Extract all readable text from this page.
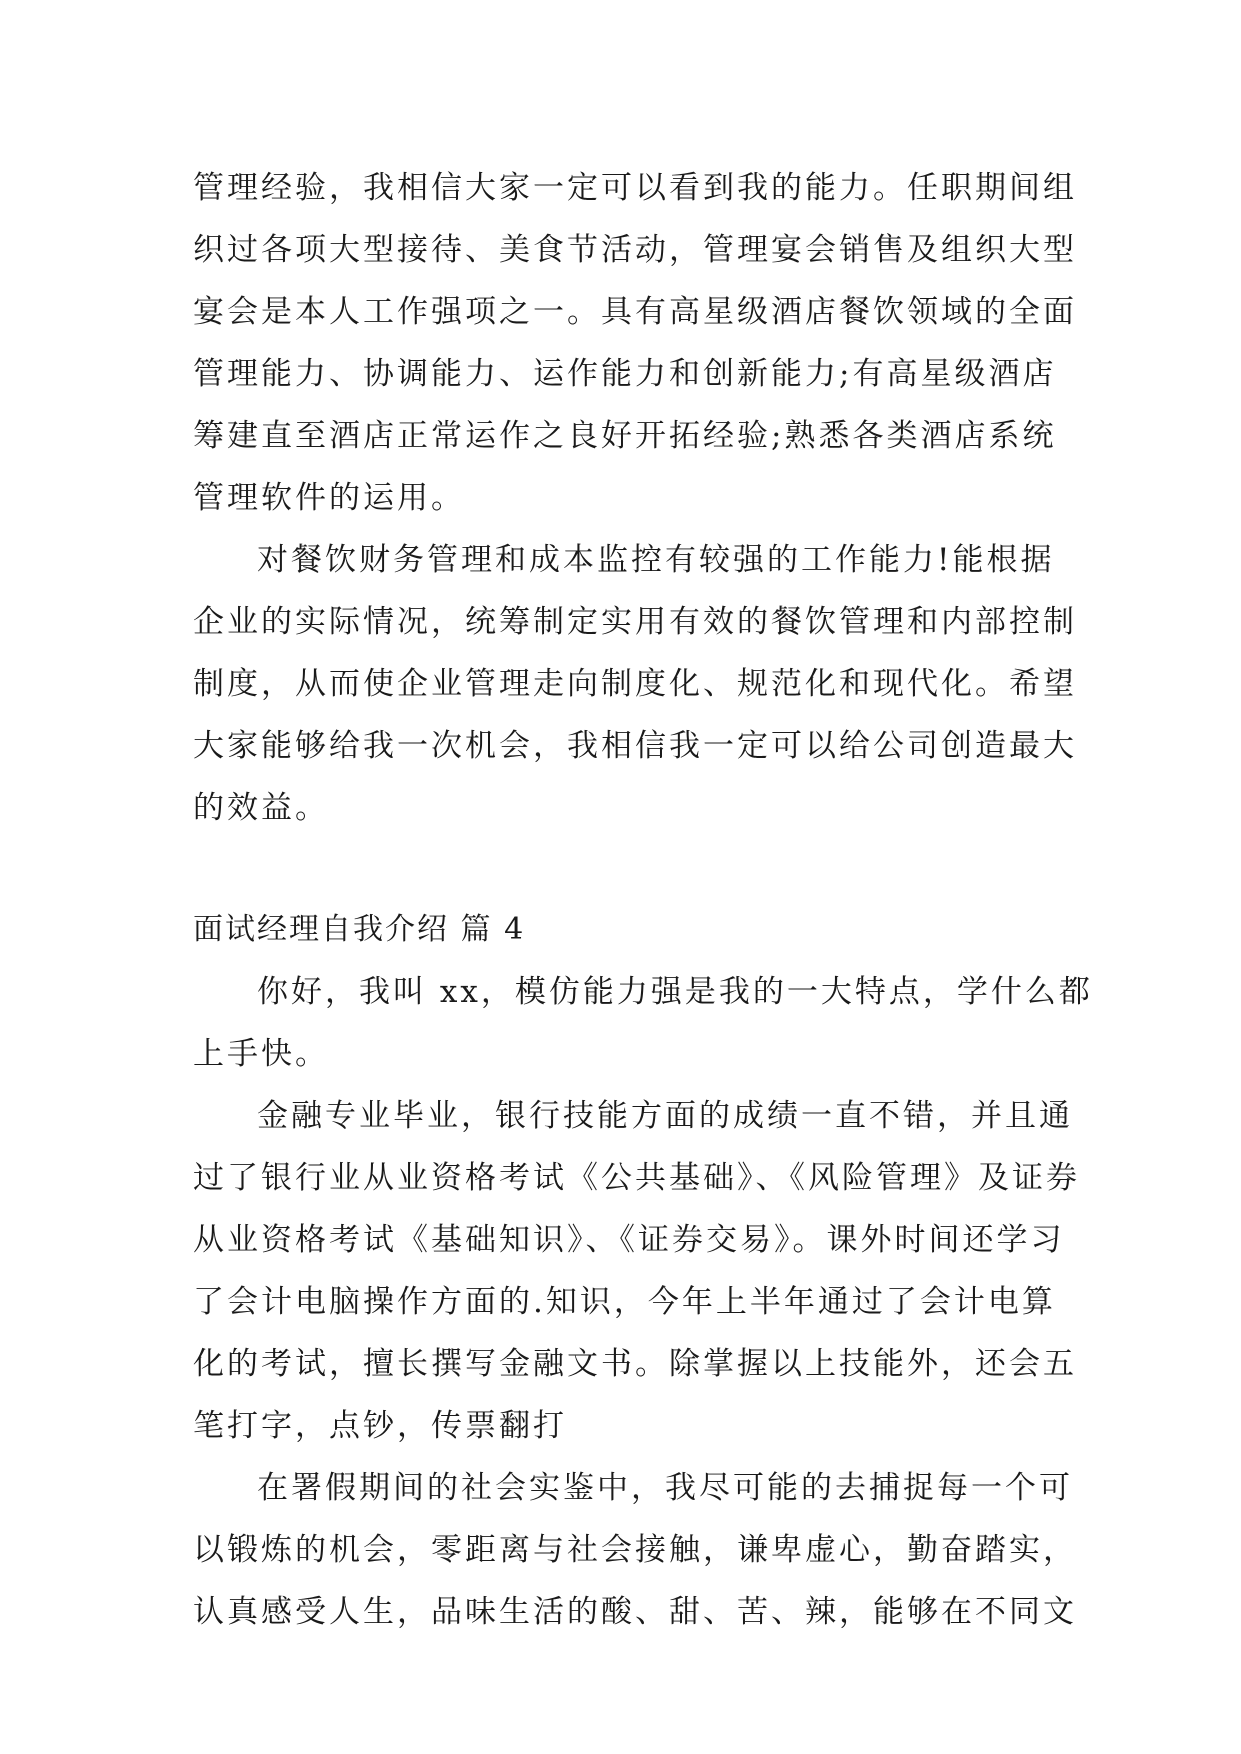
管理经验，我相信大家一定可以看到我的能力。任职期间组
织过各项大型接待、美食节活动，管理宴会销售及组织大型
宴会是本人工作强项之一。具有高星级酒店餐饮领域的全面
管理能力、协调能力、运作能力和创新能力;有高星级酒店
筹建直至酒店正常运作之良好开拓经验;熟悉各类酒店系统
管理软件的运用。
对餐饮财务管理和成本监控有较强的工作能力!能根据
企业的实际情况，统筹制定实用有效的餐饮管理和内部控制
制度，从而使企业管理走向制度化、规范化和现代化。希望
大家能够给我一次机会，我相信我一定可以给公司创造最大
的效益。
面试经理自我介绍 篇 4
你好，我叫 xx，模仿能力强是我的一大特点，学什么都
上手快。
金融专业毕业，银行技能方面的成绩一直不错，并且通
过了银行业从业资格考试《公共基础》、《风险管理》及证券
从业资格考试《基础知识》、《证券交易》。课外时间还学习
了会计电脑操作方面的.知识，今年上半年通过了会计电算
化的考试，擅长撰写金融文书。除掌握以上技能外，还会五
笔打字，点钞，传票翻打
在署假期间的社会实鉴中，我尽可能的去捕捉每一个可
以锻炼的机会，零距离与社会接触，谦卑虚心，勤奋踏实，
认真感受人生，品味生活的酸、甜、苦、辣，能够在不同文
